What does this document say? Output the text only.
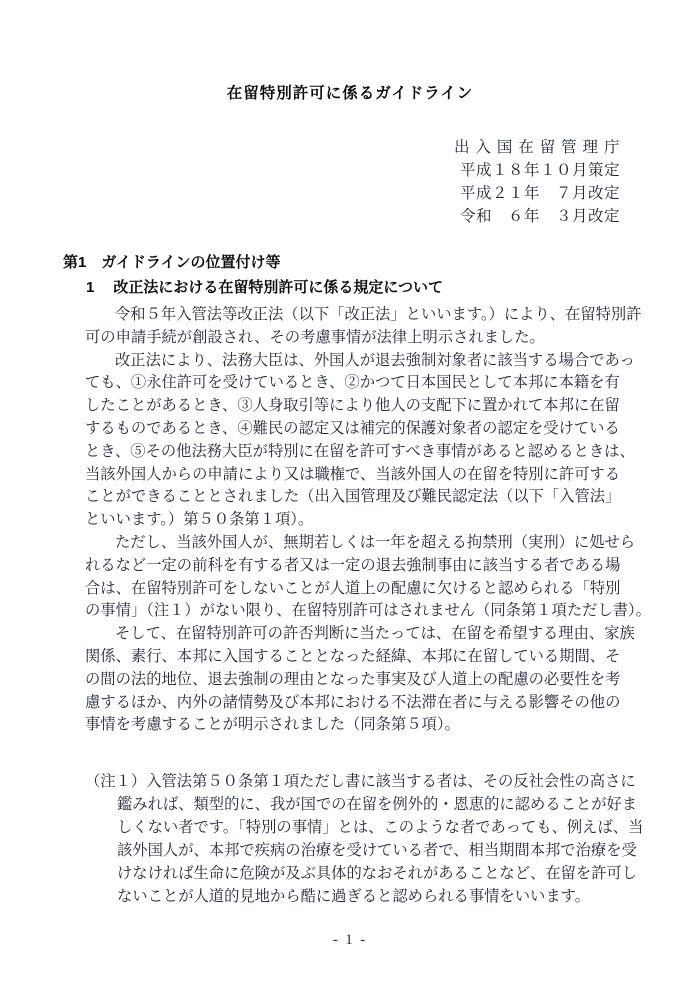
在留特別許可に係るガイドライン
出入国在留管理庁
平成１８年１０月策定
平成２１年　７月改定
令和　６年　３月改定
第1 ガイドラインの位置付け等
1 改正法における在留特別許可に係る規定について
令和５年入管法等改正法（以下「改正法」といいます。）により、在留特別許
可の申請手続が創設され、その考慮事情が法律上明示されました。
改正法により、法務大臣は、外国人が退去強制対象者に該当する場合であっ
ても、①永住許可を受けているとき、②かつて日本国民として本邦に本籍を有
したことがあるとき、③人身取引等により他人の支配下に置かれて本邦に在留
するものであるとき、④難民の認定又は補完的保護対象者の認定を受けている
とき、⑤その他法務大臣が特別に在留を許可すべき事情があると認めるときは、
当該外国人からの申請により又は職権で、当該外国人の在留を特別に許可する
ことができることとされました（出入国管理及び難民認定法（以下「入管法」
といいます。）第５０条第１項）。
ただし、当該外国人が、無期若しくは一年を超える拘禁刑（実刑）に処せら
れるなど一定の前科を有する者又は一定の退去強制事由に該当する者である場
合は、在留特別許可をしないことが人道上の配慮に欠けると認められる「特別
の事情」（注１）がない限り、在留特別許可はされません（同条第１項ただし書）。
そして、在留特別許可の許否判断に当たっては、在留を希望する理由、家族
関係、素行、本邦に入国することとなった経緯、本邦に在留している期間、そ
の間の法的地位、退去強制の理由となった事実及び人道上の配慮の必要性を考
慮するほか、内外の諸情勢及び本邦における不法滞在者に与える影響その他の
事情を考慮することが明示されました（同条第５項）。
（注１）入管法第５０条第１項ただし書に該当する者は、その反社会性の高さに
鑑みれば、類型的に、我が国での在留を例外的・恩恵的に認めることが好ま
しくない者です。「特別の事情」とは、このような者であっても、例えば、当
該外国人が、本邦で疾病の治療を受けている者で、相当期間本邦で治療を受
けなければ生命に危険が及ぶ具体的なおそれがあることなど、在留を許可し
ないことが人道的見地から酷に過ぎると認められる事情をいいます。
- 1 -
